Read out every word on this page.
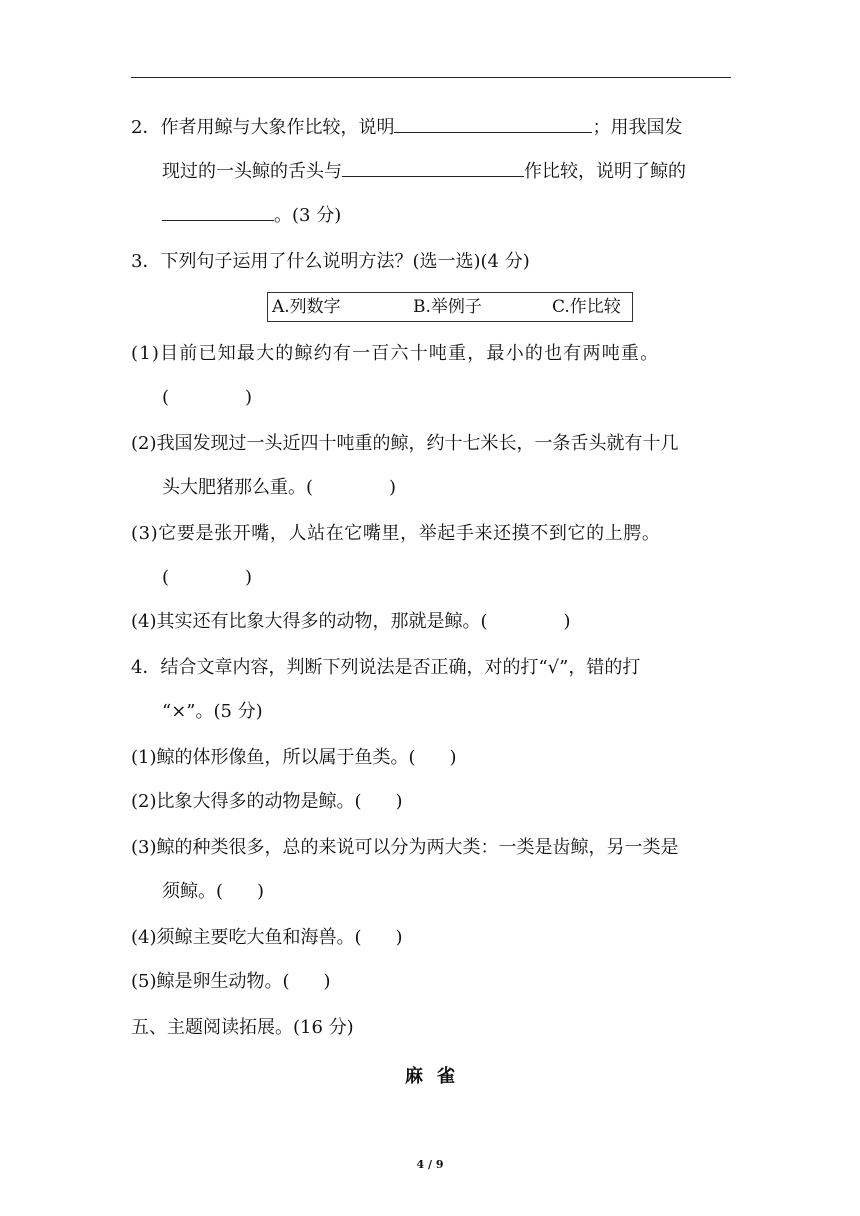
2．作者用鲸与大象作比较，说明	；用我国发
现过的一头鲸的舌头与	作比较，说明了鲸的
。(3 分)
3．下列句子运用了什么说明方法？(选一选)(4 分)
A.列数字	B.举例子	C.作比较
(1)目前已知最大的鲸约有一百六十吨重，最小的也有两吨重。
(	)
(2)我国发现过一头近四十吨重的鲸，约十七米长，一条舌头就有十几
头大肥猪那么重。(	)
(3)它要是张开嘴，人站在它嘴里，举起手来还摸不到它的上腭。
(	)
(4)其实还有比象大得多的动物，那就是鲸。(	)
4．结合文章内容，判断下列说法是否正确，对的打“√”，错的打
“×”。(5 分)
(1)鲸的体形像鱼，所以属于鱼类。( )
(2)比象大得多的动物是鲸。( )
(3)鲸的种类很多，总的来说可以分为两大类：一类是齿鲸，另一类是
须鲸。( )
(4)须鲸主要吃大鱼和海兽。( )
(5)鲸是卵生动物。( )
五、主题阅读拓展。(16 分)
麻雀
4 / 9
